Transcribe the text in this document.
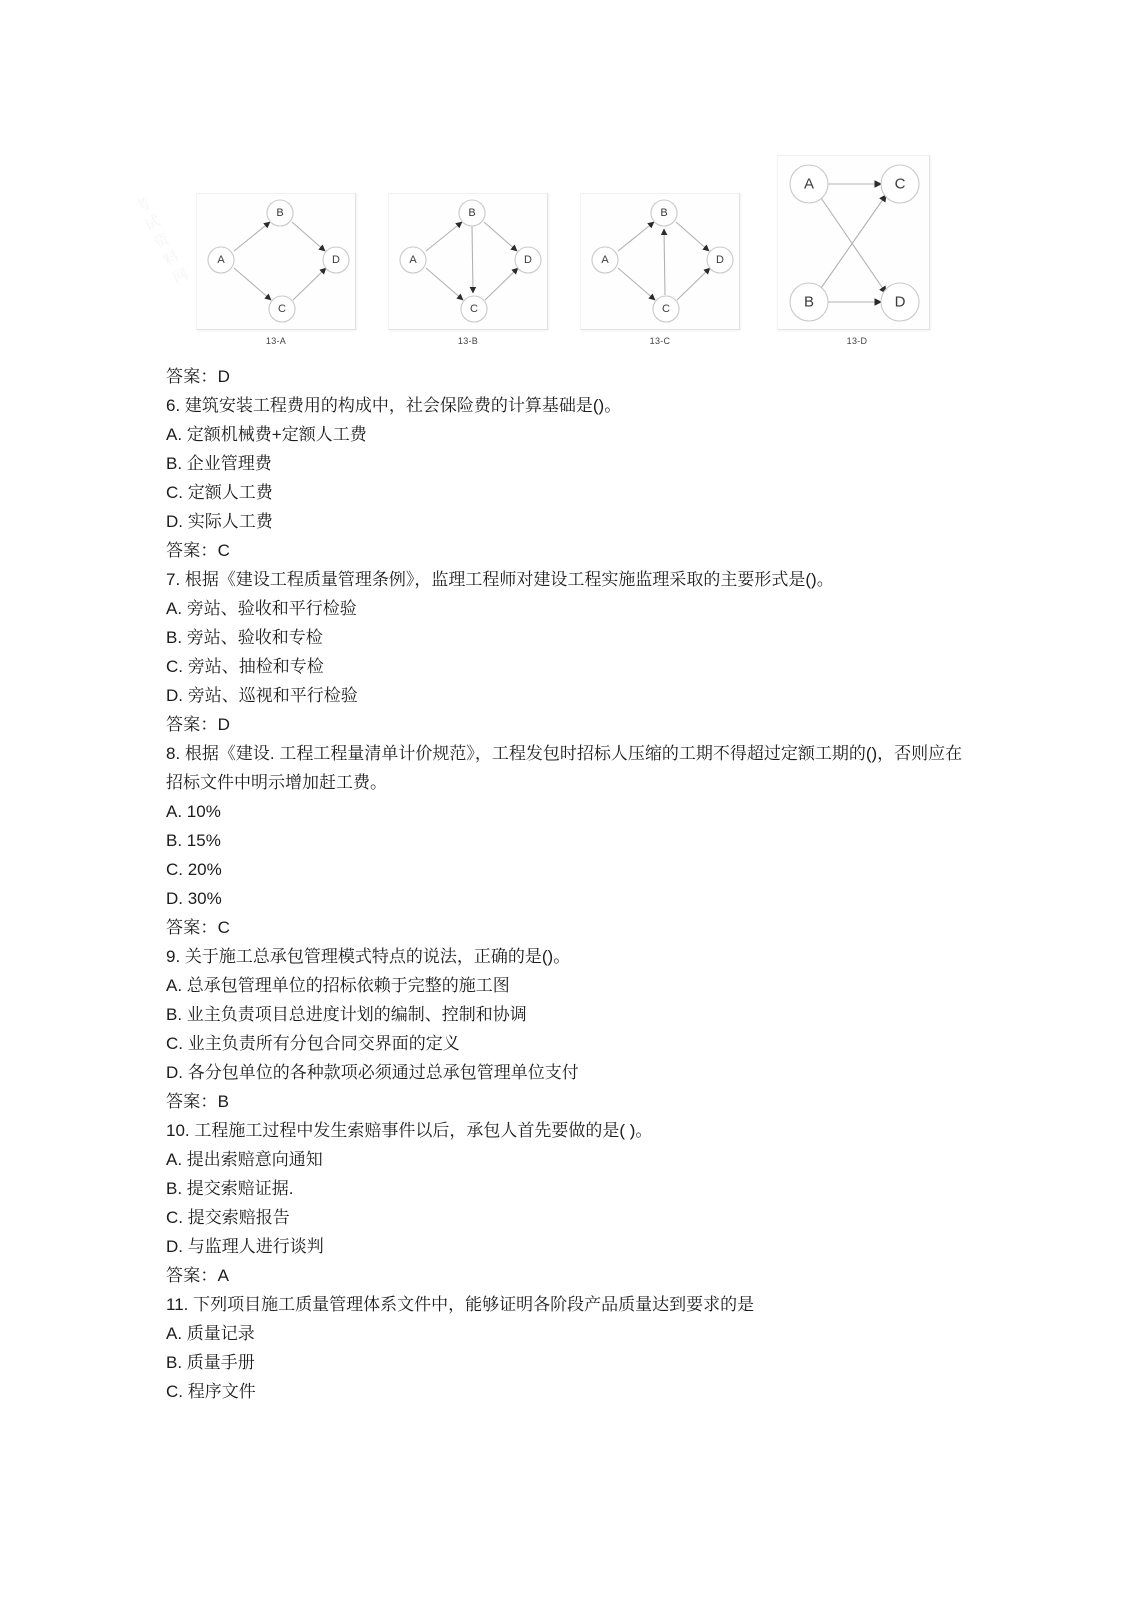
考试资料网
A
B
C
D
13-A
A
B
C
D
13-B
A
B
C
D
13-C
A
B
C
D
13-D
答案：D
6. 建筑安装工程费用的构成中，社会保险费的计算基础是()。
A. 定额机械费+定额人工费
B. 企业管理费
C. 定额人工费
D. 实际人工费
答案：C
7. 根据《建设工程质量管理条例》，监理工程师对建设工程实施监理采取的主要形式是()。
A. 旁站、验收和平行检验
B. 旁站、验收和专检
C. 旁站、抽检和专检
D. 旁站、巡视和平行检验
答案：D
8. 根据《建设. 工程工程量清单计价规范》，工程发包时招标人压缩的工期不得超过定额工期的()，否则应在招标文件中明示增加赶工费。
A. 10%
B. 15%
C. 20%
D. 30%
答案：C
9. 关于施工总承包管理模式特点的说法，正确的是()。
A. 总承包管理单位的招标依赖于完整的施工图
B. 业主负责项目总进度计划的编制、控制和协调
C. 业主负责所有分包合同交界面的定义
D. 各分包单位的各种款项必须通过总承包管理单位支付
答案：B
10. 工程施工过程中发生索赔事件以后，承包人首先要做的是( )。
A. 提出索赔意向通知
B. 提交索赔证据.
C. 提交索赔报告
D. 与监理人进行谈判
答案：A
11. 下列项目施工质量管理体系文件中，能够证明各阶段产品质量达到要求的是
A. 质量记录
B. 质量手册
C. 程序文件
